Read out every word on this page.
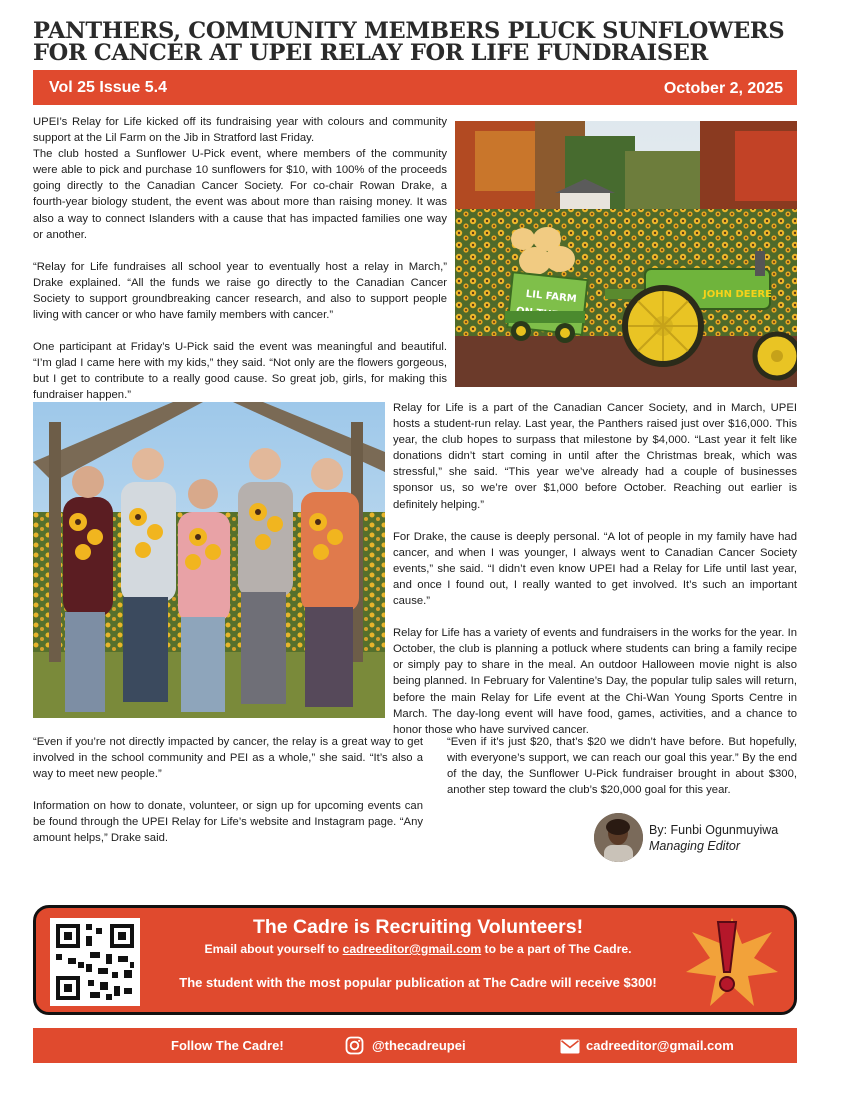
PANTHERS, COMMUNITY MEMBERS PLUCK SUNFLOWERS
FOR CANCER AT UPEI RELAY FOR LIFE FUNDRAISER
Vol 25 Issue 5.4	October 2, 2025

UPEI’s Relay for Life kicked off its fundraising year with colours and community support at the Lil Farm on the Jib in Stratford last Friday.

The club hosted a Sunflower U-Pick event, where members of the community were able to pick and purchase 10 sunflowers for $10, with 100% of the proceeds going directly to the Canadian Cancer Society. For co-chair Rowan Drake, a fourth-year biology student, the event was about more than raising money. It was also a way to connect Islanders with a cause that has impacted families one way or another.

“Relay for Life fundraises all school year to eventually host a relay in March,” Drake explained. “All the funds we raise go directly to the Canadian Cancer Society to support groundbreaking cancer research, and also to support people living with cancer or who have family members with cancer.”

One participant at Friday’s U-Pick said the event was meaningful and beautiful. “I’m glad I came here with my kids,” they said. “Not only are the flowers gorgeous, but I get to contribute to a really good cause. So great job, girls, for making this fundraiser happen.”

LIL FARM	JOHN DEERE

Relay for Life is a part of the Canadian Cancer Society, and in March, UPEI hosts a student-run relay. Last year, the Panthers raised just over $16,000. This year, the club hopes to surpass that milestone by $4,000. “Last year it felt like donations didn’t start coming in until after the Christmas break, which was stressful,” she said. “This year we’ve already had a couple of businesses sponsor us, so we’re over $1,000 before October. Reaching out earlier is definitely helping.”

For Drake, the cause is deeply personal. “A lot of people in my family have had cancer, and when I was younger, I always went to Canadian Cancer Society events,” she said. “I didn’t even know UPEI had a Relay for Life until last year, and once I found out, I really wanted to get involved. It’s such an important cause.”

Relay for Life has a variety of events and fundraisers in the works for the year. In October, the club is planning a potluck where students can bring a family recipe or simply pay to share in the meal. An outdoor Halloween movie night is also being planned. In February for Valentine’s Day, the popular tulip sales will return, before the main Relay for Life event at the Chi-Wan Young Sports Centre in March. The day-long event will have food, games, activities, and a chance to honor those who have survived cancer.

“Even if you’re not directly impacted by cancer, the relay is a great way to get involved in the school community and PEI as a whole,” she said. “It’s also a way to meet new people.”

Information on how to donate, volunteer, or sign up for upcoming events can be found through the UPEI Relay for Life’s website and Instagram page. “Any amount helps,” Drake said.

“Even if it’s just $20, that’s $20 we didn’t have before. But hopefully, with everyone’s support, we can reach our goal this year.” By the end of the day, the Sunflower U-Pick fundraiser brought in about $300, another step toward the club’s $20,000 goal for this year.

By: Funbi Ogunmuyiwa
Managing Editor
The Cadre is Recruiting Volunteers!
Email about yourself to cadreeditor@gmail.com to be a part of The Cadre.
The student with the most popular publication at The Cadre will receive $300!
Follow The Cadre!	@thecadreupei	cadreeditor@gmail.com
